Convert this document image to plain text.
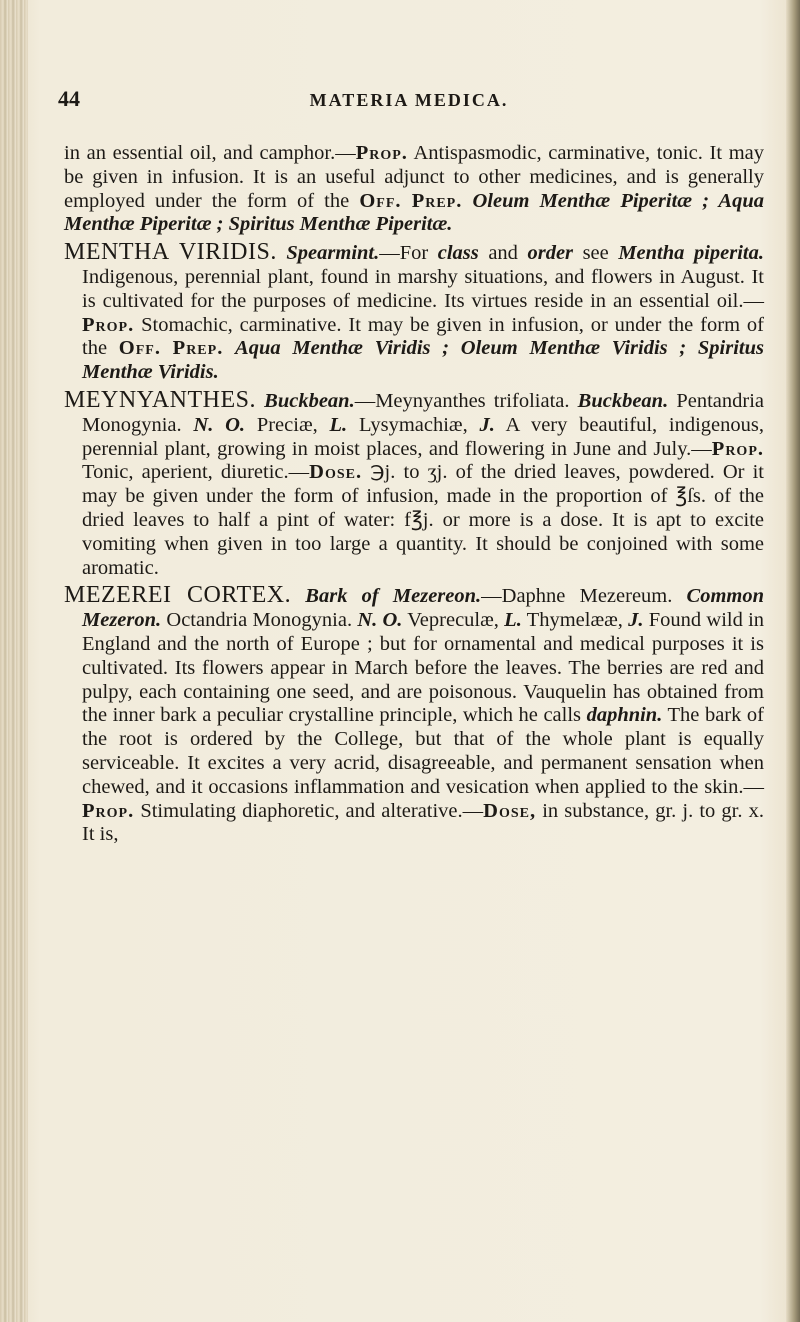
44	MATERIA MEDICA.

in an essential oil, and camphor.—Prop. Antispasmodic, carminative, tonic. It may be given in infusion. It is an useful adjunct to other medicines, and is generally employed under the form of the Off. Prep. Oleum Menthæ Piperitæ ; Aqua Menthæ Piperitæ ; Spiritus Menthæ Piperitæ.

MENTHA VIRIDIS. Spearmint.—For class and order see Mentha piperita. Indigenous, perennial plant, found in marshy situations, and flowers in August. It is cultivated for the purposes of medicine. Its virtues reside in an essential oil.—Prop. Stomachic, carminative. It may be given in infusion, or under the form of the Off. Prep. Aqua Menthæ Viridis ; Oleum Menthæ Viridis ; Spiritus Menthæ Viridis.

MEYNYANTHES. Buckbean.—Meynyanthes trifoliata. Buckbean. Pentandria Monogynia. N. O. Preciæ, L. Lysymachiæ, J. A very beautiful, indigenous, perennial plant, growing in moist places, and flowering in June and July.—Prop. Tonic, aperient, diuretic.—Dose. ℈j. to ʒj. of the dried leaves, powdered. Or it may be given under the form of infusion, made in the proportion of ℥ſs. of the dried leaves to half a pint of water: f℥j. or more is a dose. It is apt to excite vomiting when given in too large a quantity. It should be conjoined with some aromatic.

MEZEREI CORTEX. Bark of Mezereon.—Daphne Mezereum. Common Mezeron. Octandria Monogynia. N. O. Vepreculæ, L. Thymelææ, J. Found wild in England and the north of Europe ; but for ornamental and medical purposes it is cultivated. Its flowers appear in March before the leaves. The berries are red and pulpy, each containing one seed, and are poisonous. Vauquelin has obtained from the inner bark a peculiar crystalline principle, which he calls daphnin. The bark of the root is ordered by the College, but that of the whole plant is equally serviceable. It excites a very acrid, disagreeable, and permanent sensation when chewed, and it occasions inflammation and vesication when applied to the skin.—Prop. Stimulating diaphoretic, and alterative.—Dose, in substance, gr. j. to gr. x. It is,
